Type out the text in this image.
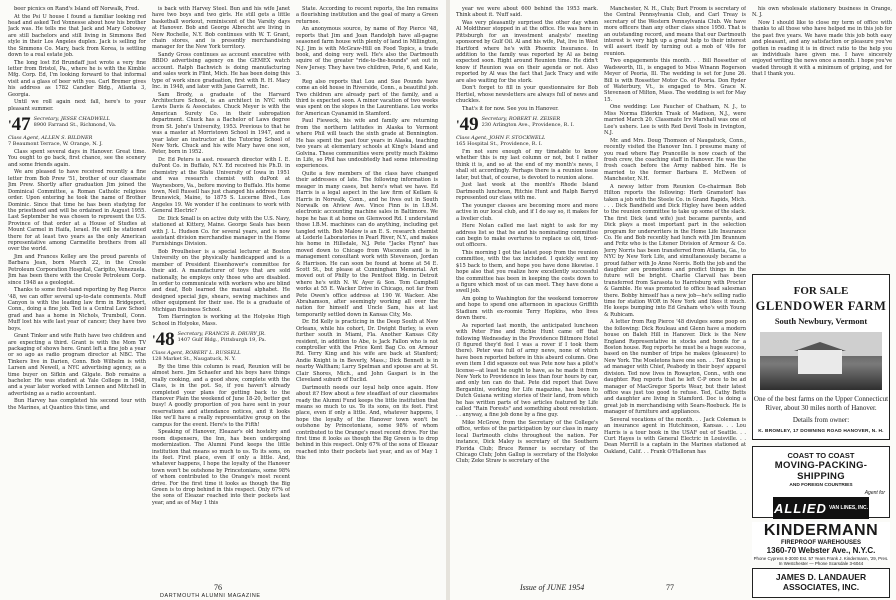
beer picnics on Rand's Island off Norwalk, Fred.

At the Psi U house I found a familiar looking red head and asked Ted Vonnesse about how his brother Jack was. He tells me that Jack and Mary Cobowey are still bachelors and still living in Simmons Bed style in their Los Angeles duplex. Jack is selling for the Simmons Co. Mary, back from Korea, is settling down to a real estate job.

The long lost Ed Brundaff just wrote a very fine letter from Bristol, Pa., where he is with the Kimble Mfg. Corp. Ed, I'm looking forward to that informal visit and a glass of beer with you. Carl Bremer gives his address as 1782 Candler Bldg., Atlanta 3, Georgia.

Until we roll again next fall, here's to your pleasant summer.

'47 Secretary, JESSE CHADWELL
8900 Farrand St., Richmond, Va.
Class Agent, ALLEN S. BILDNER
7 Beaumont Terrace, W. Orange, N. J.

Class spent several days in Hanover. Great time. You ought to go back, first chance, see the scenery and some friends again.

We are pleased to have received recently a fine letter from Bob Prew '51, brother of our classmate Jim Prew. Shortly after graduation Jim joined the Dominical Committee, a Roman Catholic religious order. Upon entering he took the name of Brother Dominic. Since that time he has been studying for the priesthood and will be ordained in August 1955. Last September he was chosen to represent the U.S. Province of that order at a House of Studies at Mount Carmel in Haifa, Israel. He will be stationed there for at least two years as the only American representative among Carmelite brothers from all over the world.

Jim and Frances Kelley are the proud parents of Barbara Jean, born March 22, in the Creole Petroleum Corporation Hospital, Caripito, Venezuela. Jim has been there with the Creole Petroleum Corp. since 1948 as a geologist.

Thanks to some first-hand reporting by Reg Pierce '48, we can offer several up-to-date comments. Muff Canyon is with the leading law firm in Bridgeport, Conn., doing a fine job. Ted is a Central Law School grad and has a home in Nichols, Trumbull, Conn. Muff lost his wife last year of cancer; they have two boys.

Grant Tinker and wife Ruth have two children and are expecting a third. Grant is with the Mom TV packaging of shows here. Grant left a fine job a year or so ago as radio program director at NBC. The Tinkers live in Darien, Conn. Bob Wilhelm is with Larsen and Newell, a NYC advertising agency, as a time buyer on Sifkin and Gilgate. Bob remains a bachelor. He was student at Yale College in 1948, and a year later worked with Lennen and Mitchell in advertising as a radio accountant.

Bun Harvey has completed his second tour with the Marines, at Quantico this time, and

is back with Harvey Steel. Bun and his wife Janet have two boys and two girls. He still gets a little basketball workout, reminiscent of the Varsity days at Hanover. Bob and George Albrecht are living in New Rochelle, N.Y. Bob continues with W. T. Grant, chain stores, and is presently merchandising manager for the New York territory.

Sandy Gross continues as account executive with BBDO advertising agency on the GEMEX watch account. Ralph Bachwich is doing manufacturing and sales work in Flint, Mich. He has been doing this type of work since graduation, first with R. H. Macy Inc. in 1948, and later with Jane Garrett, Inc.

Sam Brody, a graduate of the Harvard Architecture School, is an architect in NYC with Lewis Davis & Associates. Chuck Meyer is with the American Surety Co. in their subrogation department. Chuck has a Bachelor of Laws degree from St. John's University, 1953. Previous to that he was a master at Morristown School in 1947, and a year later an instructor at the Tutoring School of New York. Chuck and his wife Mary have one son, Peter, born in 1952.

Dr. Ed Peters is asst. research director with I. E. duPont Co. in Buffalo, N.Y. Ed received his Ph.D. in chemistry at the State University of Iowa in 1951 and was research chemist with duPont at Waynesboro, Va., before moving to Buffalo. His home town, Neil Russell has just changed his address from Brunswick, Maine, to 1875 S. Lucerne Blvd., Los Angeles 19. We wonder if he continues to work with General Electric?

Dr. Dick Small is on active duty with the U.S. Navy, stationed at Kittery, Maine. George Seals has been with J. L. Hudson Co. for several years, and is now assistant division merchandise manager in the Home Furnishings Division.

Bob Proulheiser is a special lecturer at Boston University on the physically handicapped and is a member of President Eisenhower's committee for their aid. A manufacturer of toys that are sold nationally, he employs only those who are disabled. In order to communicate with workers who are blind and deaf, Bob learned the manual alphabet. He designed special jigs, shears, sewing machines and other equipment for their use. He is a graduate of Michigan Business School.

Tom Harrington is working at the Holyoke High School in Holyoke, Mass.

'48 Secretary, FRANCIS R. DRURY JR.
1407 Gulf Bldg., Pittsburgh 19, Pa.
Class Agent, ROBERT L. RUSSELL
128 Market St., Naugatuck, N. Y.

By the time this column is read, Reunion will be almost here. Jim Schaefer and his boys have things really cooking, and a good show, complete with the Class, is in the pot. So, if you haven't already completed your plans for getting back to the Hanover Plain the weekend of June 18-20, better get busy! A goodly proportion of you have sent in your reservations and attendance notices, and it looks like we'll have a really representative group on the campus for the event. Here's to the Fifth!

Speaking of Hanover, Eleazar's old hostelry and room dispensers, the Inn, has been undergoing modernization. The Alumni Fund keeps the little institution that means so much to us. To its sons, on its feet. First place, even if only a little. And, whatever happens, I hope the loyalty of the Hanover town won't be outshone by Princetonians, some 98% of whom contributed to the Orange's most recent drive. For the first time it looks as though the Big Green is to drop behind in this respect. Only 67% of the sons of Eleazar reached into their pockets last year, and as of May 1 this

State. According to recent reports, the Inn remains a flourishing institution and the goal of many a Green returnee.

An anonymous source, by name of Roy Pierce '48, reports that Jim and Joan Randolph have all-pagne seasoned farm house with plenty of land in Millington, N.J. Jim is with McGraw-Hill on Food Topics, a trade book, and doing very well. He's also the Dartmouth squire of the greater "ride-to-the-hounds" set out in New Jersey. They have two children, Pete, 6, and Kate, 3.

Reg also reports that Lou and Sue Pounds have come an old house in Riverside, Conn., a beautiful job. Two children are already part of the family, and a third is expected soon. A minor vacation of two weeks was spent on the slopes in the Laurentians. Lou works for American Cyanamid in Stamford.

Paul Fieweck, his wife and family are returning from the northern latitudes in Alaska to Vermont where Phil will teach the sixth grade at Bennington. He has spent the past four years in Alaska, teaching two years at elementary schools at King's Island and Golvina. These communities were pretty much Eskimo in Life, so Phil has undoubtedly had some interesting experiences.

Quite a few members of the class have changed their addresses of late. The following information is meager in many cases, but here's what we have. Ed Harris is a legal aspect in the law firm of Kellam & Harris in Norwalk, Conn., and he lives out in South Norwalk on Afview Ave. Vince Finn is in I.B.M. electronic accounting machine sales in Baltimore. We hope he has it at home on Glenwood Rd. I understand those I.B.M. machines can do anything, including get tangled with. Bob Malow is an E. S. research chemist at Lederle Laboratories in Pearl River, N.Y., and makes his home in Hillsdale, N.J. Pete "Jacks Flynn" has moved down to Chicago from Wisconsin and is in management consultant work with Stevenson, Jordan & Harrison. He can soon be found at home at 54 E. Scott St., but please at Cunningham Memorial. Art moved out of Philly to the Pentfoot Bldg. in Detroit where he's with N. W. Ayer & Son. Tom Campbell works at 55 E. Wacker Drive in Chicago, not far from Pete Owen's office address at 190 W. Wacker. Abe Abrahamson, after seemingly working all over the nation for himself and Uncle Sam, has at last temporarily settled down in Kansas City, Mo.

Dr. Ed Kelly is practicing in the Deep South at New Orleans, while his cohort, Dr. Dwight Burley, is even further south in Miami, Fla. Another Kansas City resident, in addition to Abe, is Jack Fallon who is not comptroller with the Price Kent Bag Co. on Armour Rd. Terry King and his wife are back at Stanford; Andie Knight is in Beverly, Mass.; Dick Bennett is in nearby Waltham; Larry Spelman and spouse are at St. Clair Shores, Mich., and John Gaspari is in the Cleveland suburb of Euclid.

Dartmouth needs our loyal help once again. How about it? How about a few steadfast of our classmates ready the Alumni Fund keeps the little institution that means so much to us. To its sons, on its feet. First place, even if only a little. And, whatever happens, I hope the loyalty of the Hanover town won't be outshone by Princetonians, some 98% of whom contributed to the Orange's most recent drive. For the first time it looks as though the Big Green is to drop behind in this respect. Only 67% of the sons of Eleazar reached into their pockets last year, and as of May 1 this

76
DARTMOUTH ALUMNI MAGAZINE

year we were about 600 behind the 1953 mark. Think about it. 'Nuff said.

Was very pleasantly surprised the other day when Al Moldthner stopped in at the office. He was here in Pittsburgh for an investment analysts' meeting sponsored by Gulf Oil. Al and his wife, Pat, live in West Hartford where he's with Phoenix Insurance. In addition to the family was reported by Al as being expected soon. Right around Reunion time. He didn't know if Reunion was on their agenda or not. Also reported by Al was the fact that Jack Tracy and wife are also waiting for the stork.

Don't forget to fill in your questionnaire for Bob Hertiel, whose newsletters are always full of news and chuckles.

That's it for now. See you in Hanover.

'49 Secretary, ROBERT H. ZEISER
230 Arlington Ave., Providence, R. I.
Class Agent, JOHN F. STOCKWELL
165 Hospital St., Providence, R. I.

I'm not sure enough of my timetable to know whether this is my last column or not, but I rather think it is, and so at the end of my month's news, I shall sit accordingly. Perhaps there is a reunion issue later, but that, of course, is devoted to reunion alone.

Just last week at the month's Rhode Island Dartmouth luncheon, Ritchie Hunt and Ralph Barryd represented our class with me.

The younger classes are becoming more and more active in our local club, and if I do say so, it makes for a livelier club.

Here Nolan called me last night to ask for my address list so that he and his nominating committee can begin to make overtures to replace us old, tired-out officers.

This morning I got the latest poop from the reunion committee, with the tax included. I quickly sent my $15 back to them, and hope you have done likewise. I hope also that you realize how excellently successful the committee has been in keeping the costs down to a figure which most of us can meet. They have done a swell job.

Am going to Washington for the weekend tomorrow and hope to spend one afternoon in spacious Griffith Stadium with ex-roomie Terry Hopkins, who lives down there.

As reported last month, the anticipated luncheon with Peter Fine and Richie Hunt came off that following Wednesday in the Providence Biltmore Hotel (I figured they'd feel I was a rover if I took them there). Peter was full of army news, none of which have been reported before in this absurd column. One even item I did squeeze out was Pete now has a pilot's license—at least he ought to have, as he made it from New York to Providence in less than four hours by car, and only ten can do that. Pete did report that Dave Bergantini, working for Life magazine, has been to Dutch Guiana writing stories of their land, from which he has written parts of two articles featured by Life called "Rain Forests" and something about revolution. . . anyway, a fine job done by a fine guy.

Mike McGrew, from the Secretary of the College's office, writes of the participation by our class in many local Dartmouth clubs throughout the nation. For instance, Dick Maley is secretary of the Southern Florida Club; Bruce Renner is secretary of the Chicago Club; John Gallup is secretary of the Holyoke Club; Zeke Straw is secretary of the

Manchester, N. H., Club; Burt Froom is secretary of the Central Pennsylvania Club, and Carl Treay is secretary of the Western Pennsylvania Club. We have more officers than any other class since 1950. That is an outstanding record, and means that our Dartmouth interest is very high up a great help to their interest will assert itself by turning out a mob of '49s for reunion.

Two engagements this month. . . Bill Rossetter of Wadsworth, Ill., is engaged to Miss Winann Rogerson Meyer of Peoria, Ill. The wedding is set for June 26. Bill is with Rossetter Motor Co. of Peoria. Don Ryder of Waterbury, Vt., is engaged to Mrs. Grace N. Stevenson of Milton, Mass. The wedding is set for May 15.

One wedding: Lee Faucher of Chatham, N. J., to Miss Norma Elderkin Trask of Madison, N.J., were married March 20. Classmate Irv Marshall was one of Lee's ushers. Lee is with Red Devil Tools in Irvington, N.J.

Mr. and Mrs. Doug Thomson of Naugatuck, Conn., recently visited the Hanover Inn. I presume many of you read where Ray Pranceille is now coach of the frosh crew, the coaching staff in Hanover. He was the frosh coach before the Army nabbed him. He is married to the former Barbara E. McEwen of Manchester, N.H.

A newsy letter from Reunion Co-chairman Bob Hilton reports the following: Herb Gramstorf has taken a job with the Steele Co. in Grand Rapids, Mich. . . . Dick Bandfield and Dick Higley have been added to the reunion committee to take up some of the slack. The first Dick (and wife) just became parents, and Dick plays a most important part in the selection program for underwriters in the Home Life Insurance Co. He and Bob recently had lunch with Jim Brannum and Fritz who is the Litener Division of Armour & Co. Jerry Norris has been transferred from Atlanta, Ga., to NYC by New York Life, and simultaneously became a proud father with Jo Anne Norris. Both the job and the daughter are promotions and predict things in the future will be bright. Charlie Clarvail has been transferred from Sarasota to Harrisburg with Procter & Gamble. He was promoted to office head salesman there. Bobby himself has a new job—he's selling radio time for station WOR in New York and likes it much. He keeps bumping into Ed Graham who's with Young & Rubicam.

A letter from Reg Pierce '48 divulges some poop on the following: Dick Rouleau and Glenn have a modern house on Baleh Hill in Hanover. Dick is the New England Representative in stocks and bonds for a Boston house. Reg reports he must be a huge success, based on the number of trips he makes (pleasure) to New York. The Moeletons have one son. . . Ted Knug is ad manager with Chief, Peabody in their boys' apparel division. Ted now lives in Rowayton, Conn., with one daughter. Reg reports that he left C-P once to be ad manager of MacGregor Sports Wear, but their latest office was just too good to refuse. Ted, Cathy Betts and daughter are living in Stamford. Doc is doing a great job in merchandising with Sears-Roebuck. He is manager of furniture and appliances.

Several vocations of the month. . . Jack Coleman is an insurance agent in Hutchinson, Kansas. . . Lou Harris is a tour book in the USAF out of Seattle. . . Curt Hayes is with General Electric in Louisville. . . Dean Merrill is a captain in the Marines stationed at Oakland, Calif. . . Frank O'Halloran has

his own wholesale stationery business in Orange, N. J.

Now I should like to close my term of office with thanks to all those who have helped me in this job for the past five years. We have made this job both easy and pleasant, and any satisfaction or pleasure you've gotten in reading it is in direct ratio to the help you as individuals have given me. I have sincerely enjoyed writing the news once a month. I hope you've waded through it with a minimum of griping, and for that I thank you.

Issue of JUNE 1954	77
FOR SALE
GLENDOWER FARM
South Newbury, Vermont
One of the best farms on the Upper Connecticut River, about 30 miles north of Hanover.
Details from owner:
K. BROMLEY, 17 DOWNING ROAD HANOVER, N. H.
COAST TO COAST
MOVING-PACKING-SHIPPING
AND FOREIGN COUNTRIES
Agent for
ALLIED VAN LINES, INC.
KINDERMANN
FIREPROOF WAREHOUSES
1360-70 Webster Ave., N.Y.C.
Phone Cypress 8-3000 Est. 57 Years Frank J. Kindermann, '29, Pres. In Westchester — Phone Scarsdale 3-6044
JAMES D. LANDAUER
ASSOCIATES, INC.
